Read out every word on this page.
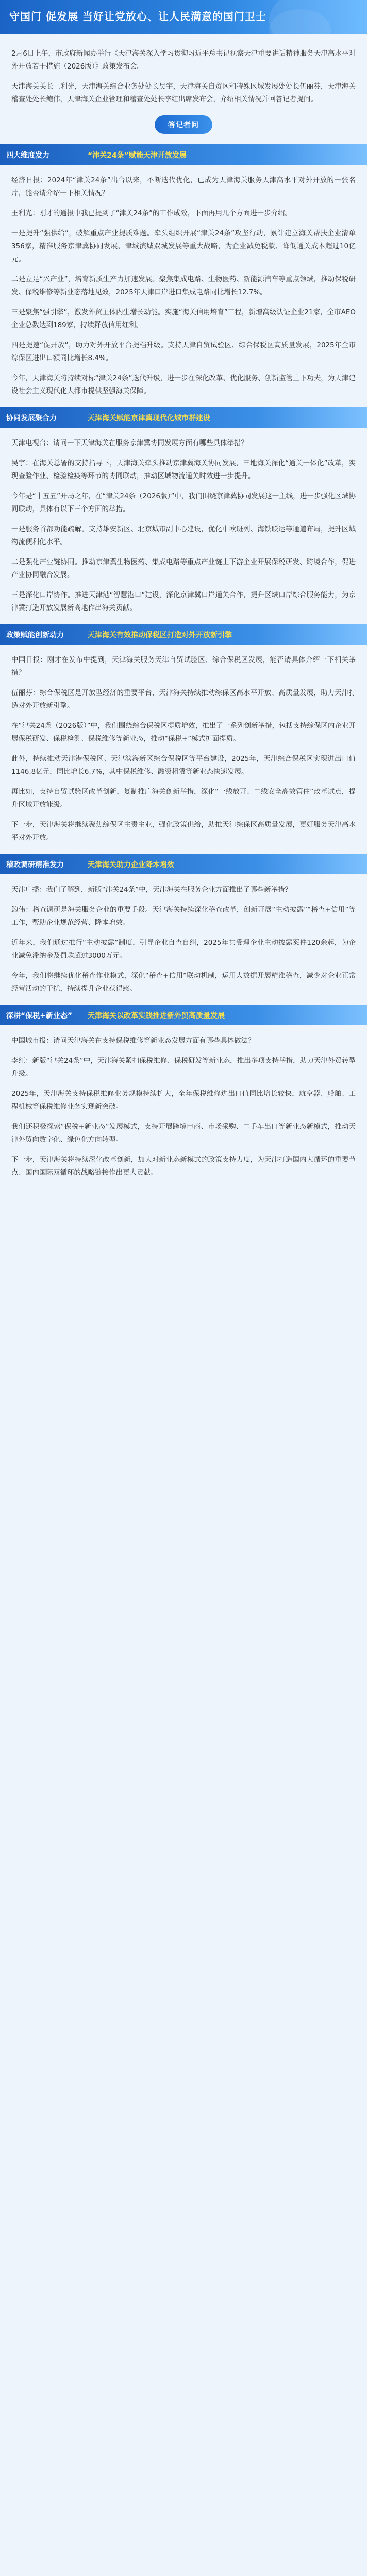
守国门 促发展 当好让党放心、让人民满意的国门卫士

2月6日上午，市政府新闻办举行《天津海关深入学习贯彻习近平总书记视察天津重要讲话精神服务天津高水平对外开放若干措施（2026版）》政策发布会。

天津海关关长王利光，天津海关综合业务处处长吴宇，天津海关自贸区和特殊区域发展处处长伍丽芬，天津海关稽查处处长鲍伟，天津海关企业管理和稽查处处长李红出席发布会，介绍相关情况并回答记者提问。

答记者问
四大维度发力	“津关24条”赋能天津开放发展

经济日报：2024年“津关24条”出台以来，不断迭代优化，已成为天津海关服务天津高水平对外开放的一张名片，能否请介绍一下相关情况？

王利光：刚才的通报中我已提到了“津关24条”的工作成效，下面再用几个方面进一步介绍。

一是提升“强供给”，破解重点产业提质难题。牵头组织开展“津关24条”攻坚行动，累计建立海关帮扶企业清单356家，精准服务京津冀协同发展、津城滨城双城发展等重大战略，为企业减免税款、降低通关成本超过10亿元。

二是立足“兴产业”，培育新质生产力加速发展。聚焦集成电路、生物医药、新能源汽车等重点领域，推动保税研发、保税维修等新业态落地见效，2025年天津口岸进口集成电路同比增长12.7%。

三是聚焦“强引擎”，激发外贸主体内生增长动能。实施“海关信用培育”工程，新增高级认证企业21家，全市AEO企业总数达到189家，持续释放信用红利。

四是提速“促开放”，助力对外开放平台提档升级。支持天津自贸试验区、综合保税区高质量发展，2025年全市综保区进出口额同比增长8.4%。

今年，天津海关将持续对标“津关24条”迭代升级，进一步在深化改革、优化服务、创新监管上下功夫，为天津建设社会主义现代化大都市提供坚强海关保障。

协同发展聚合力	天津海关赋能京津冀现代化城市群建设

天津电视台：请问一下天津海关在服务京津冀协同发展方面有哪些具体举措？

吴宇：在海关总署的支持指导下，天津海关牵头推动京津冀海关协同发展，三地海关深化“通关一体化”改革，实现查验作业、检验检疫等环节的协同联动，推动区域物流通关时效进一步提升。

今年是“十五五”开局之年，在“津关24条（2026版）”中，我们围绕京津冀协同发展这一主线，进一步强化区域协同联动，具体有以下三个方面的举措。

一是服务首都功能疏解。支持雄安新区、北京城市副中心建设，优化中欧班列、海铁联运等通道布局，提升区域物流便利化水平。

二是强化产业链协同。推动京津冀生物医药、集成电路等重点产业链上下游企业开展保税研发、跨境合作，促进产业协同融合发展。

三是深化口岸协作。推进天津港“智慧港口”建设，深化京津冀口岸通关合作，提升区域口岸综合服务能力，为京津冀打造开放发展新高地作出海关贡献。

政策赋能创新动力	天津海关有效推动保税区打造对外开放新引擎

中国日报：刚才在发布中提到，天津海关服务天津自贸试验区、综合保税区发展，能否请具体介绍一下相关举措？

伍丽芬：综合保税区是开放型经济的重要平台，天津海关持续推动综保区高水平开放、高质量发展，助力天津打造对外开放新引擎。

在“津关24条（2026版）”中，我们围绕综合保税区提质增效，推出了一系列创新举措，包括支持综保区内企业开展保税研发、保税检测、保税维修等新业态，推动“保税+”模式扩面提质。

此外，持续推动天津港保税区、天津滨海新区综合保税区等平台建设，2025年，天津综合保税区实现进出口值1146.8亿元，同比增长6.7%，其中保税维修、融资租赁等新业态快速发展。

再比如，支持自贸试验区改革创新，复制推广海关创新举措，深化“一线放开、二线安全高效管住”改革试点，提升区域开放能级。

下一步，天津海关将继续聚焦综保区主责主业，强化政策供给，助推天津综保区高质量发展，更好服务天津高水平对外开放。

稽政调研精准发力	天津海关助力企业降本增效

天津广播：我们了解到，新版“津关24条”中，天津海关在服务企业方面推出了哪些新举措？

鲍伟：稽查调研是海关服务企业的重要手段。天津海关持续深化稽查改革，创新开展“主动披露”“稽查+信用”等工作，帮助企业规范经营、降本增效。

近年来，我们通过推行“主动披露”制度，引导企业自查自纠，2025年共受理企业主动披露案件120余起，为企业减免滞纳金及罚款超过3000万元。

今年，我们将继续优化稽查作业模式，深化“稽查+信用”联动机制，运用大数据开展精准稽查，减少对企业正常经营活动的干扰，持续提升企业获得感。

深耕“保税+新业态” 天津海关以改革实践推进新外贸高质量发展

中国城市报：请问天津海关在支持保税维修等新业态发展方面有哪些具体做法？

李红：新版“津关24条”中，天津海关紧扣保税维修、保税研发等新业态，推出多项支持举措，助力天津外贸转型升级。

2025年，天津海关支持保税维修业务规模持续扩大，全年保税维修进出口值同比增长较快，航空器、船舶、工程机械等保税维修业务实现新突破。

我们还积极探索“保税+新业态”发展模式，支持开展跨境电商、市场采购、二手车出口等新业态新模式，推动天津外贸向数字化、绿色化方向转型。

下一步，天津海关将持续深化改革创新，加大对新业态新模式的政策支持力度，为天津打造国内大循环的重要节点、国内国际双循环的战略链接作出更大贡献。
